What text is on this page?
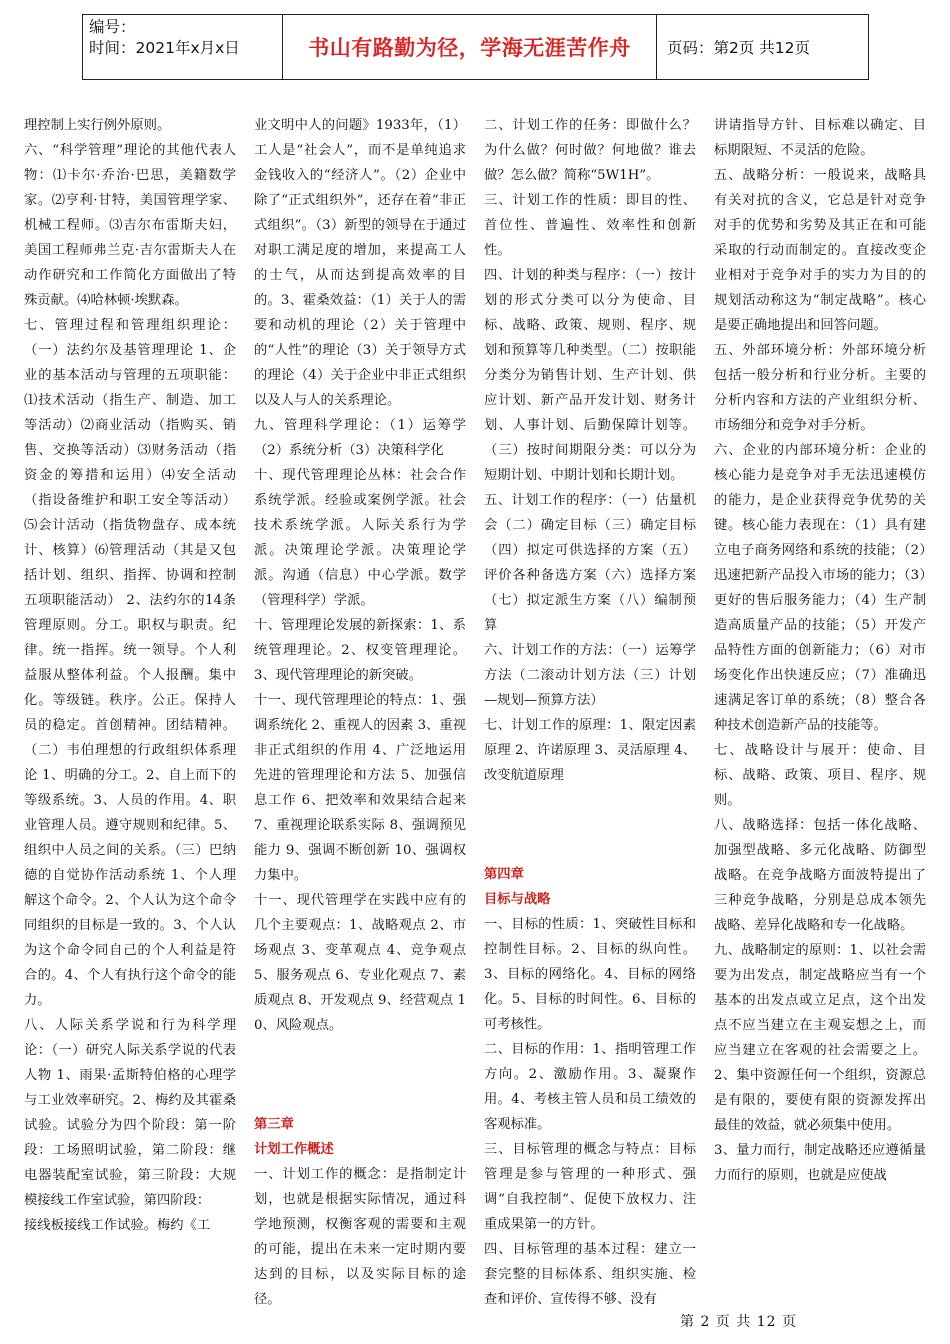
编号：
时间：2021年x月x日	书山有路勤为径，学海无涯苦作舟	页码：第2页 共12页

理控制上实行例外原则。

六、“科学管理”理论的其他代表人物：⑴卡尔·乔治·巴思，美籍数学家。⑵亨利·甘特，美国管理学家、机械工程师。⑶吉尔布雷斯夫妇，美国工程师弗兰克·吉尔雷斯夫人在动作研究和工作简化方面做出了特殊贡献。⑷哈林顿·埃默森。

七、管理过程和管理组织理论：（一）法约尔及基管理理论 1、企业的基本活动与管理的五项职能：⑴技术活动（指生产、制造、加工等活动）⑵商业活动（指购买、销售、交换等活动）⑶财务活动（指资金的筹措和运用）⑷安全活动（指设备维护和职工安全等活动）⑸会计活动（指货物盘存、成本统计、核算）⑹管理活动（其是又包括计划、组织、指挥、协调和控制五项职能活动） 2、法约尔的14条管理原则。分工。职权与职责。纪律。统一指挥。统一领导。个人利益服从整体利益。个人报酬。集中化。等级链。秩序。公正。保持人员的稳定。首创精神。团结精神。（二）韦伯理想的行政组织体系理论 1、明确的分工。2、自上而下的等级系统。3、人员的作用。4、职业管理人员。遵守规则和纪律。5、组织中人员之间的关系。（三）巴纳德的自觉协作活动系统 1、个人理解这个命令。2、个人认为这个命令同组织的目标是一致的。3、个人认为这个命令同自己的个人利益是符合的。4、个人有执行这个命令的能力。

八、人际关系学说和行为科学理论：（一）研究人际关系学说的代表人物 1、雨果·孟斯特伯格的心理学与工业效率研究。2、梅约及其霍桑试验。试验分为四个阶段：第一阶段：工场照明试验，第二阶段：继电器装配室试验，第三阶段：大规模接线工作室试验，第四阶段：

接线板接线工作试验。梅约《工

业文明中人的问题》1933年，（1）工人是“社会人”，而不是单纯追求金钱收入的“经济人”。（2）企业中除了“正式组织外”，还存在着“非正式组织”。（3）新型的领导在于通过对职工满足度的增加，来提高工人的士气，从而达到提高效率的目的。3、霍桑效益：（1）关于人的需要和动机的理论（2）关于管理中的“人性”的理论（3）关于领导方式的理论（4）关于企业中非正式组织以及人与人的关系理论。

九、管理科学理论：（1）运筹学（2）系统分析（3）决策科学化

十、现代管理理论丛林：社会合作系统学派。经验或案例学派。社会技术系统学派。人际关系行为学派。决策理论学派。决策理论学派。沟通（信息）中心学派。数学（管理科学）学派。

十、管理理论发展的新探索：1、系统管理理论。2、权变管理理论。3、现代管理理论的新突破。

十一、现代管理理论的特点：1、强调系统化 2、重视人的因素 3、重视非正式组织的作用 4、广泛地运用先进的管理理论和方法 5、加强信息工作 6、把效率和效果结合起来 7、重视理论联系实际 8、强调预见能力 9、强调不断创新 10、强调权力集中。

十一、现代管理学在实践中应有的几个主要观点：1、战略观点 2、市场观点 3、变革观点 4、竞争观点 5、服务观点 6、专业化观点 7、素质观点 8、开发观点 9、经营观点 10、风险观点。

第三章

计划工作概述

一、计划工作的概念：是指制定计划，也就是根据实际情况，通过科学地预测，权衡客观的需要和主观的可能，提出在未来一定时期内要达到的目标，以及实际目标的途径。

二、计划工作的任务：即做什么？为什么做？何时做？何地做？谁去做？怎么做？简称“5W1H”。

三、计划工作的性质：即目的性、首位性、普遍性、效率性和创新性。

四、计划的种类与程序：（一）按计划的形式分类可以分为使命、目标、战略、政策、规则、程序、规划和预算等几种类型。（二）按职能分类分为销售计划、生产计划、供应计划、新产品开发计划、财务计划、人事计划、后勤保障计划等。（三）按时间期限分类：可以分为短期计划、中期计划和长期计划。

五、计划工作的程序：（一）估量机会（二）确定目标（三）确定目标（四）拟定可供选择的方案（五）评价各种备选方案（六）选择方案（七）拟定派生方案（八）编制预算

六、计划工作的方法：（一）运筹学方法（二滚动计划方法（三）计划—规划—预算方法）

七、计划工作的原理：1、限定因素原理 2、许诺原理 3、灵活原理 4、改变航道原理

第四章

目标与战略

一、目标的性质：1、突破性目标和控制性目标。2、目标的纵向性。3、目标的网络化。4、目标的网络化。5、目标的时间性。6、目标的可考核性。

二、目标的作用：1、指明管理工作方向。2、激励作用。3、凝聚作用。4、考核主管人员和员工绩效的客观标准。

三、目标管理的概念与特点：目标管理是参与管理的一种形式、强调“自我控制“、促使下放权力、注重成果第一的方针。

四、目标管理的基本过程：建立一套完整的目标体系、组织实施、检查和评价、宣传得不够、没有

讲请指导方针、目标难以确定、目标期限短、不灵活的危险。

五、战略分析：一般说来，战略具有关对抗的含义，它总是针对竞争对手的优势和劣势及其正在和可能采取的行动而制定的。直接改变企业相对于竞争对手的实力为目的的规划活动称这为“制定战略”。核心是要正确地提出和回答问题。

五、外部环境分析：外部环境分析包括一般分析和行业分析。主要的分析内容和方法的产业组织分析、市场细分和竞争对手分析。

六、企业的内部环境分析：企业的核心能力是竞争对手无法迅速模仿的能力，是企业获得竞争优势的关键。核心能力表现在：（1）具有建立电子商务网络和系统的技能；（2）迅速把新产品投入市场的能力；（3）更好的售后服务能力；（4）生产制造高质量产品的技能；（5）开发产品特性方面的创新能力；（6）对市场变化作出快速反应；（7）准确迅速满足客订单的系统；（8）整合各种技术创造新产品的技能等。

七、战略设计与展开：使命、目标、战略、政策、项目、程序、规则。

八、战略选择：包括一体化战略、加强型战略、多元化战略、防御型战略。在竞争战略方面波特提出了三种竞争战略，分别是总成本领先战略、差异化战略和专一化战略。

九、战略制定的原则：1、以社会需要为出发点，制定战略应当有一个基本的出发点或立足点，这个出发点不应当建立在主观妄想之上，而应当建立在客观的社会需要之上。2、集中资源任何一个组织，资源总是有限的，要使有限的资源发挥出最佳的效益，就必须集中使用。

3、量力而行，制定战略还应遵循量力而行的原则，也就是应使战

第 2 页 共 12 页
